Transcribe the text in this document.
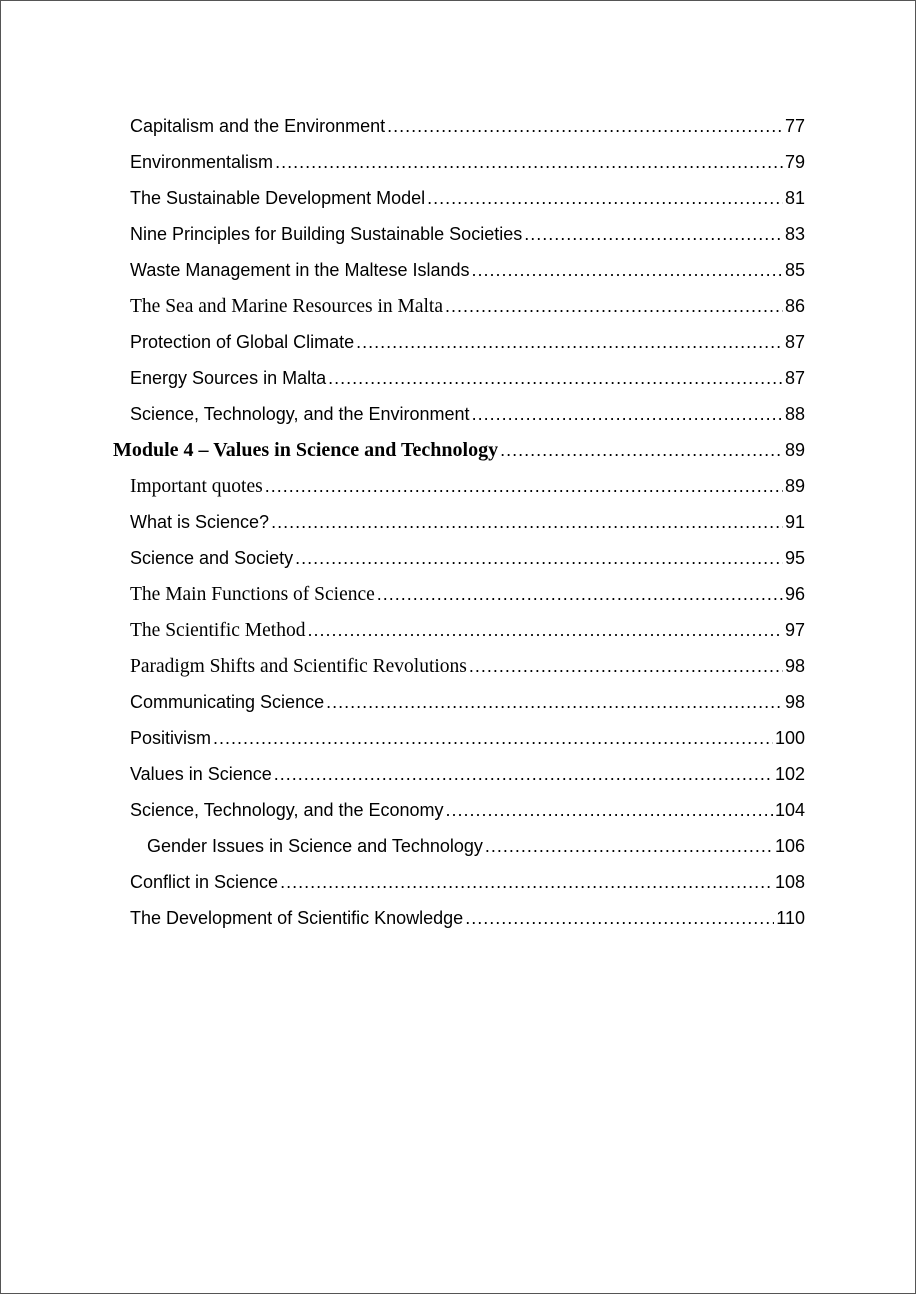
Capitalism and the Environment .....	77
Environmentalism .....	79
The Sustainable Development Model .....	81
Nine Principles for Building Sustainable Societies .....	83
Waste Management in the Maltese Islands .....	85
The Sea and Marine Resources in Malta .....	86
Protection of Global Climate .....	87
Energy Sources in Malta .....	87
Science, Technology, and the Environment .....	88
Module 4 – Values in Science and Technology .....	89
Important quotes .....	89
What is Science? .....	91
Science and Society .....	95
The Main Functions of Science .....	96
The Scientific Method .....	97
Paradigm Shifts and Scientific Revolutions .....	98
Communicating Science .....	98
Positivism .....	100
Values in Science .....	102
Science, Technology, and the Economy .....	104
Gender Issues in Science and Technology .....	106
Conflict in Science .....	108
The Development of Scientific Knowledge .....	110
